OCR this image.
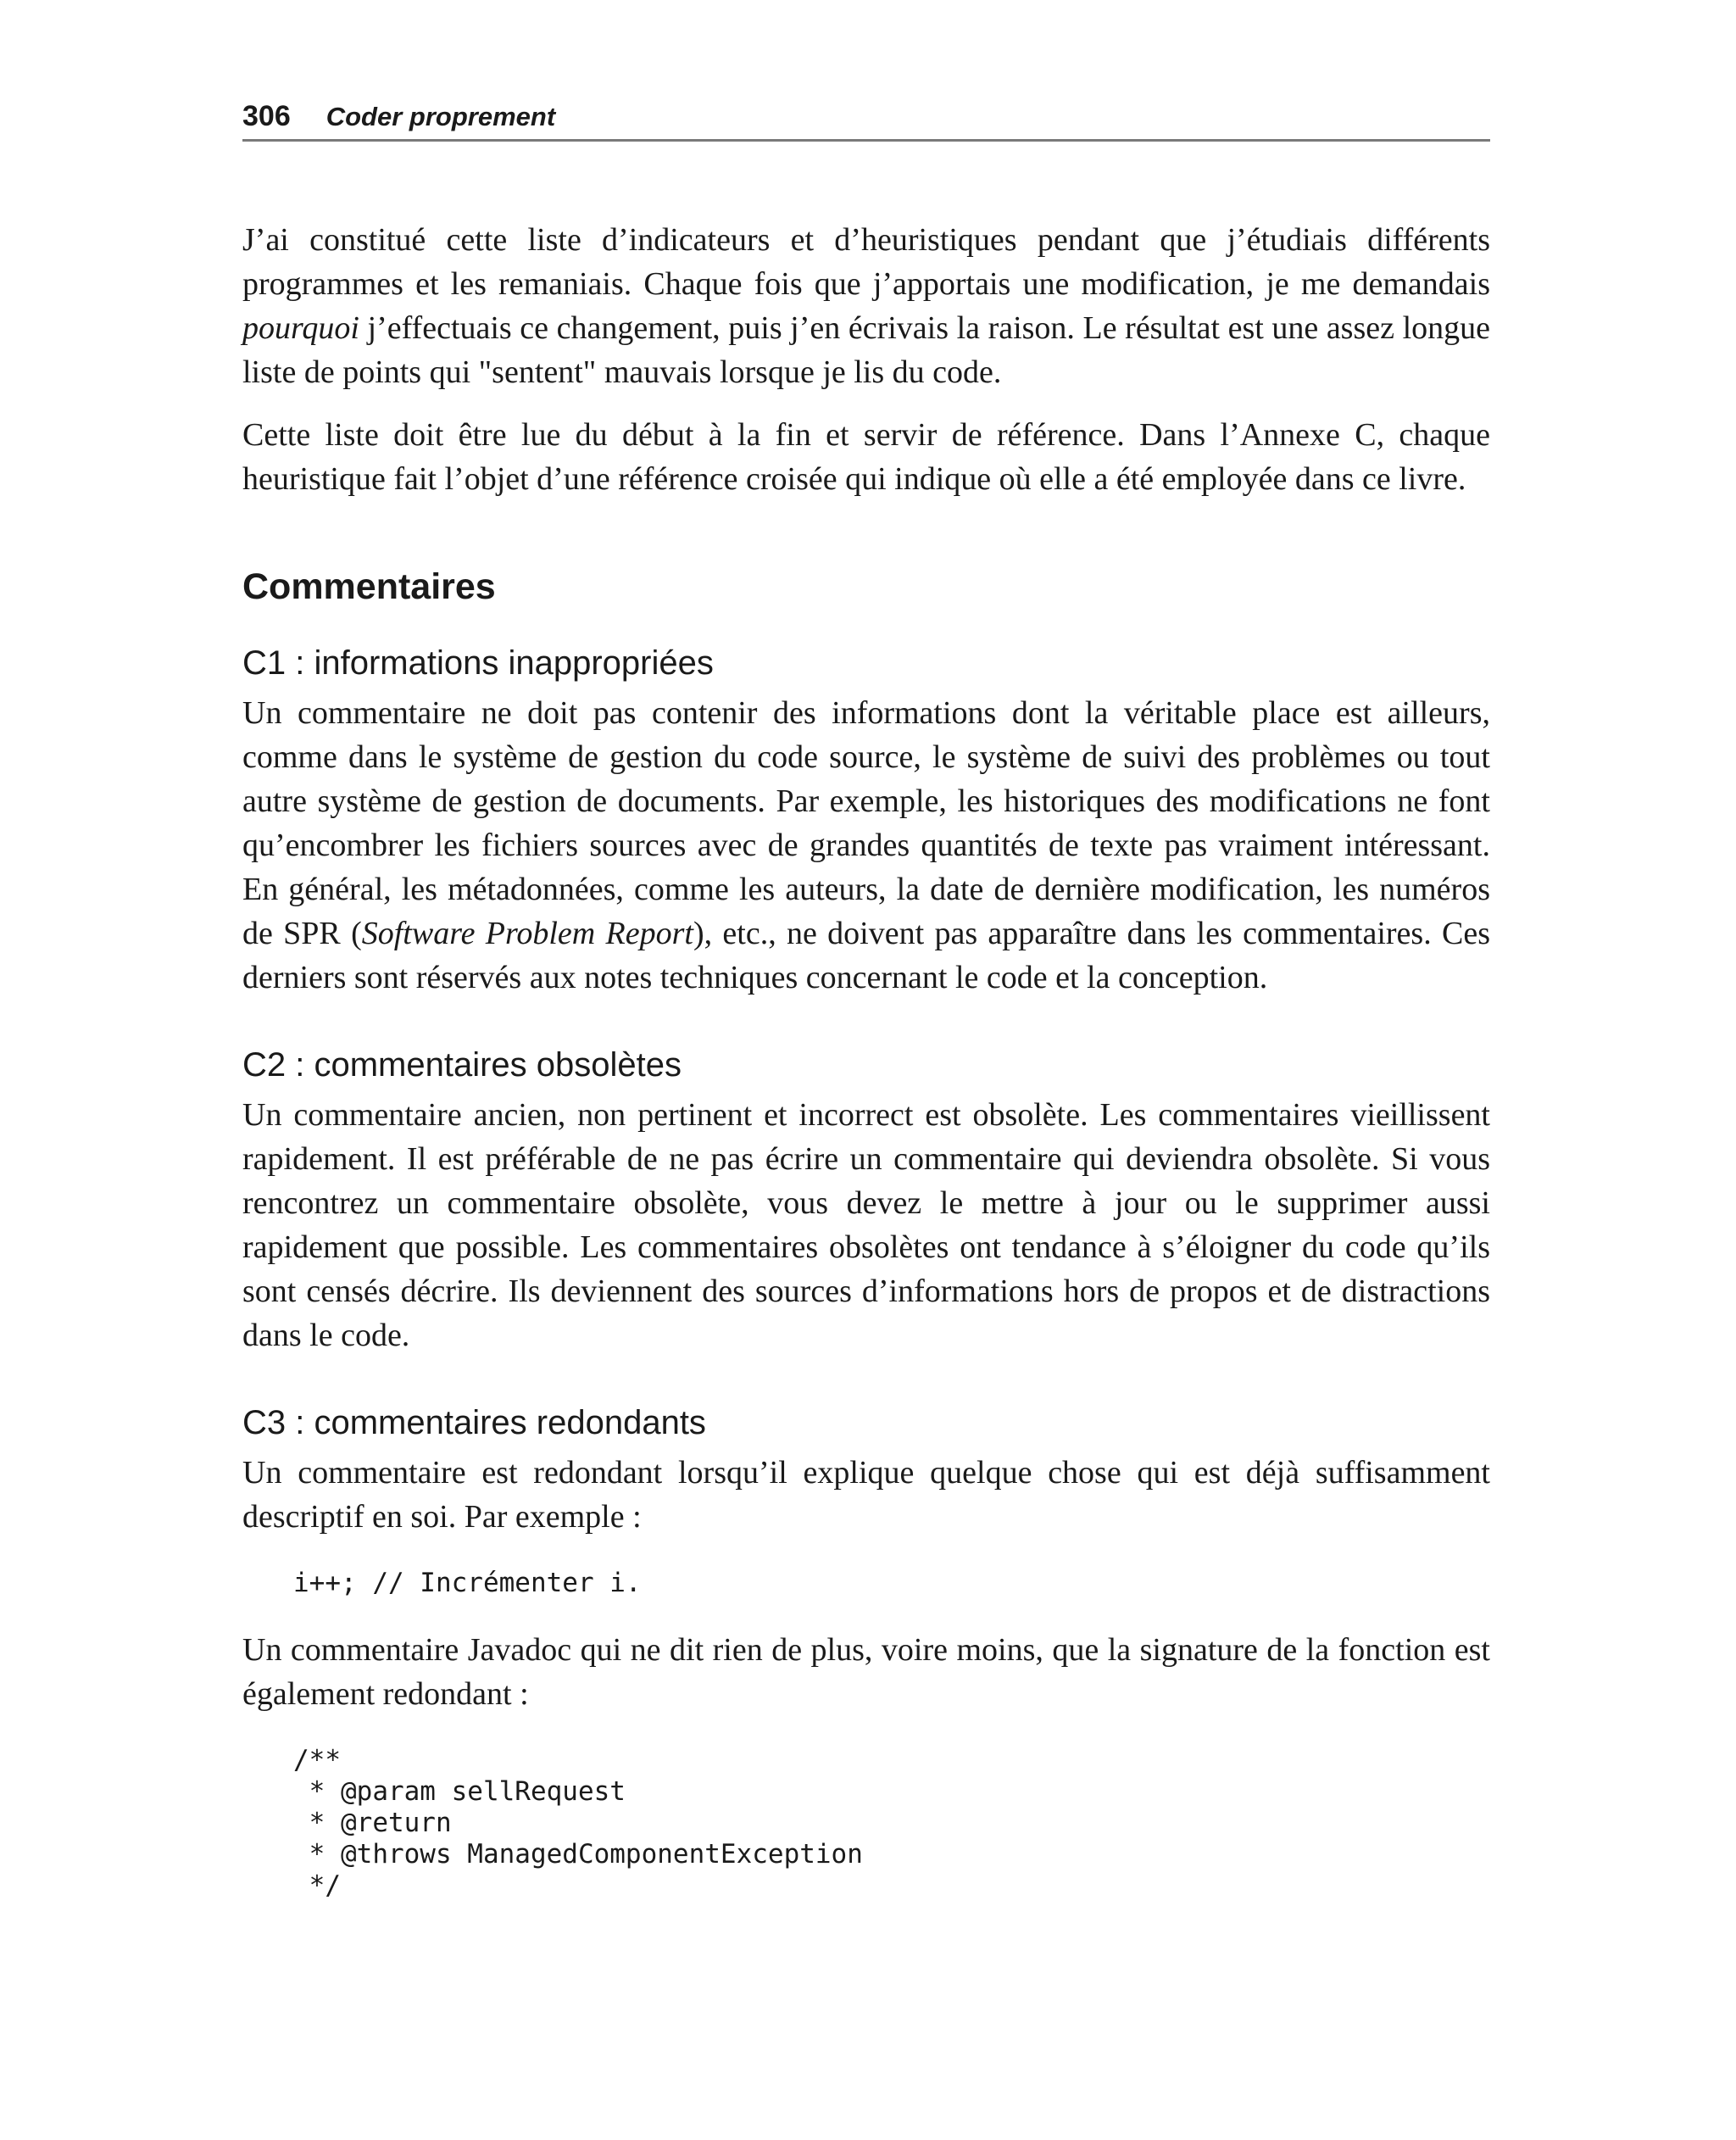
306 Coder proprement

J’ai constitué cette liste d’indicateurs et d’heuristiques pendant que j’étudiais différents programmes et les remaniais. Chaque fois que j’apportais une modification, je me demandais pourquoi j’effectuais ce changement, puis j’en écrivais la raison. Le résultat est une assez longue liste de points qui "sentent" mauvais lorsque je lis du code.

Cette liste doit être lue du début à la fin et servir de référence. Dans l’Annexe C, chaque heuristique fait l’objet d’une référence croisée qui indique où elle a été employée dans ce livre.

Commentaires
C1 : informations inappropriées

Un commentaire ne doit pas contenir des informations dont la véritable place est ailleurs, comme dans le système de gestion du code source, le système de suivi des problèmes ou tout autre système de gestion de documents. Par exemple, les historiques des modifications ne font qu’encombrer les fichiers sources avec de grandes quantités de texte pas vraiment intéressant. En général, les métadonnées, comme les auteurs, la date de dernière modification, les numéros de SPR (Software Problem Report), etc., ne doivent pas apparaître dans les commentaires. Ces derniers sont réservés aux notes techniques concernant le code et la conception.

C2 : commentaires obsolètes

Un commentaire ancien, non pertinent et incorrect est obsolète. Les commentaires vieillissent rapidement. Il est préférable de ne pas écrire un commentaire qui deviendra obsolète. Si vous rencontrez un commentaire obsolète, vous devez le mettre à jour ou le supprimer aussi rapidement que possible. Les commentaires obsolètes ont tendance à s’éloigner du code qu’ils sont censés décrire. Ils deviennent des sources d’informations hors de propos et de distractions dans le code.

C3 : commentaires redondants

Un commentaire est redondant lorsqu’il explique quelque chose qui est déjà suffisamment descriptif en soi. Par exemple :

i++; // Incrémenter i.

Un commentaire Javadoc qui ne dit rien de plus, voire moins, que la signature de la fonction est également redondant :

/**
* @param sellRequest
* @return
* @throws ManagedComponentException
*/
